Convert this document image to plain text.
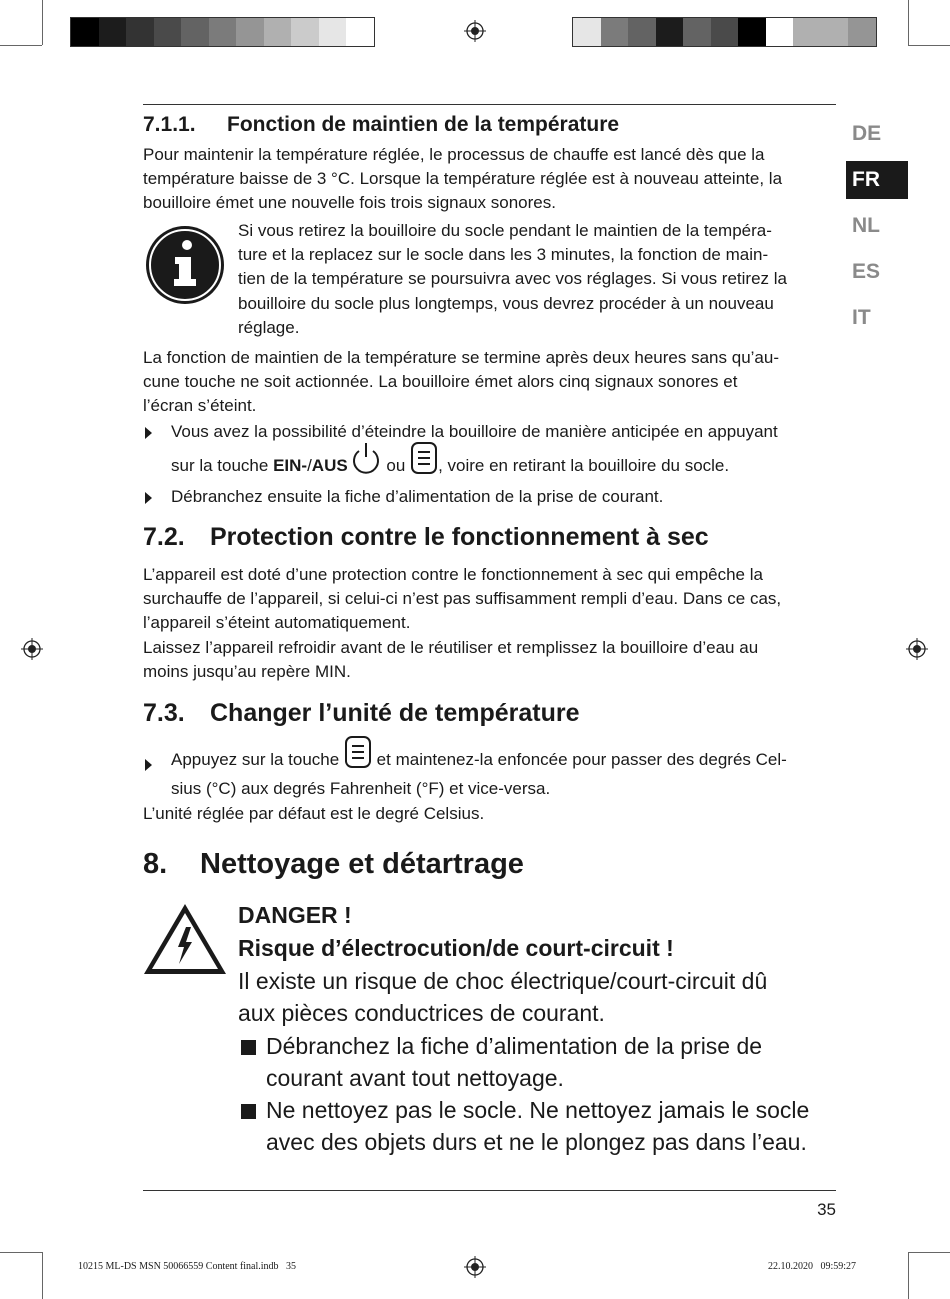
DE
FR
NL
ES
IT
7.1.1. Fonction de maintien de la température
Pour maintenir la température réglée, le processus de chauffe est lancé dès que la
température baisse de 3 °C. Lorsque la température réglée est à nouveau atteinte, la
bouilloire émet une nouvelle fois trois signaux sonores.
Si vous retirez la bouilloire du socle pendant le maintien de la tempéra-
ture et la replacez sur le socle dans les 3 minutes, la fonction de main-
tien de la température se poursuivra avec vos réglages. Si vous retirez la
bouilloire du socle plus longtemps, vous devrez procéder à un nouveau
réglage.
La fonction de maintien de la température se termine après deux heures sans qu’au-
cune touche ne soit actionnée. La bouilloire émet alors cinq signaux sonores et
l’écran s’éteint.
Vous avez la possibilité d’éteindre la bouilloire de manière anticipée en appuyant
sur la touche EIN-/AUS ou , voire en retirant la bouilloire du socle.
Débranchez ensuite la fiche d’alimentation de la prise de courant.
7.2. Protection contre le fonctionnement à sec
L’appareil est doté d’une protection contre le fonctionnement à sec qui empêche la
surchauffe de l’appareil, si celui-ci n’est pas suffisamment rempli d’eau. Dans ce cas,
l’appareil s’éteint automatiquement.
Laissez l’appareil refroidir avant de le réutiliser et remplissez la bouilloire d’eau au
moins jusqu’au repère MIN.
7.3. Changer l’unité de température
Appuyez sur la touche  et maintenez-la enfoncée pour passer des degrés Cel-
sius (°C) aux degrés Fahrenheit (°F) et vice-versa.
L’unité réglée par défaut est le degré Celsius.
8. Nettoyage et détartrage
DANGER !
Risque d’électrocution/de court-circuit !
Il existe un risque de choc électrique/court-circuit dû
aux pièces conductrices de courant.
Débranchez la fiche d’alimentation de la prise de
courant avant tout nettoyage.
Ne nettoyez pas le socle. Ne nettoyez jamais le socle
avec des objets durs et ne le plongez pas dans l’eau.
35
10215 ML-DS MSN 50066559 Content final.indb   35	22.10.2020   09:59:27
